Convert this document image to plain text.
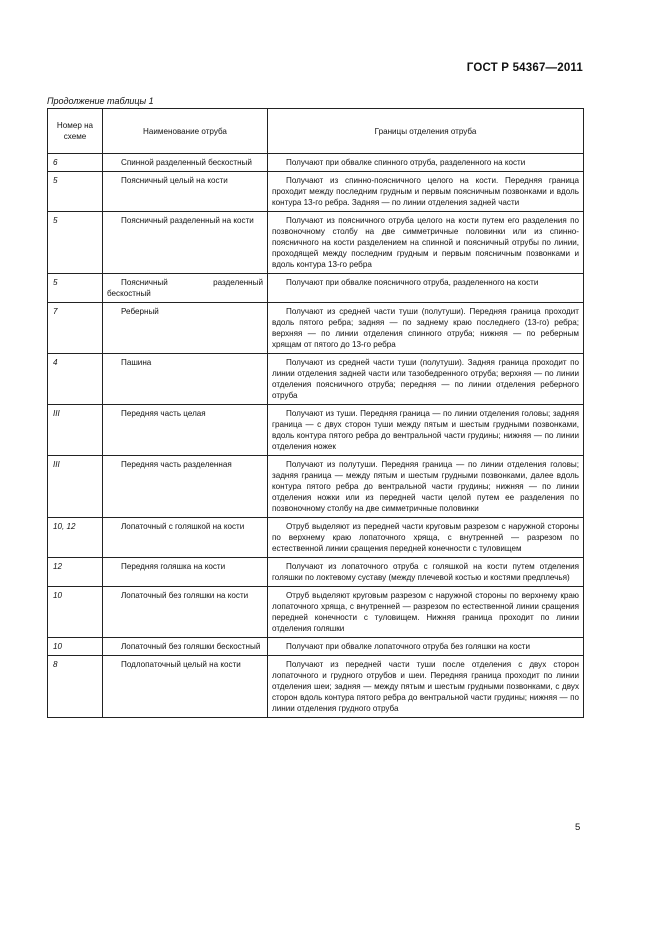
ГОСТ Р 54367—2011
Продолжение таблицы 1
Номер на схеме	Наименование отруба	Границы отделения отруба
6	Спинной разделенный бескостный	Получают при обвалке спинного отруба, разделенного на кости
5	Поясничный целый на кости	Получают из спинно-поясничного целого на кости. Передняя граница проходит между последним грудным и первым поясничным позвонками и вдоль контура 13-го ребра. Задняя — по линии отделения задней части
5	Поясничный разделенный на кости	Получают из поясничного отруба целого на кости путем его разделения по позвоночному столбу на две симметричные половинки или из спинно-поясничного на кости разделением на спинной и поясничный отрубы по линии, проходящей между последним грудным и первым поясничным позвонками и вдоль контура 13-го ребра
5	Поясничный разделенный бескостный	Получают при обвалке поясничного отруба, разделенного на кости
7	Реберный	Получают из средней части туши (полутуши). Передняя граница проходит вдоль пятого ребра; задняя — по заднему краю последнего (13-го) ребра; верхняя — по линии отделения спинного отруба; нижняя — по реберным хрящам от пятого до 13-го ребра
4	Пашина	Получают из средней части туши (полутуши). Задняя граница проходит по линии отделения задней части или тазобедренного отруба; верхняя — по линии отделения поясничного отруба; передняя — по линии отделения реберного отруба
III	Передняя часть целая	Получают из туши. Передняя граница — по линии отделения головы; задняя граница — с двух сторон туши между пятым и шестым грудными позвонками, вдоль контура пятого ребра до вентральной части грудины; нижняя — по линии отделения ножек
III	Передняя часть разделенная	Получают из полутуши. Передняя граница — по линии отделения головы; задняя граница — между пятым и шестым грудными позвонками, далее вдоль контура пятого ребра до вентральной части грудины; нижняя — по линии отделения ножки или из передней части целой путем ее разделения по позвоночному столбу на две симметричные половинки
10, 12	Лопаточный с голяшкой на кости	Отруб выделяют из передней части круговым разрезом с наружной стороны по верхнему краю лопаточного хряща, с внутренней — разрезом по естественной линии сращения передней конечности с туловищем
12	Передняя голяшка на кости	Получают из лопаточного отруба с голяшкой на кости путем отделения голяшки по локтевому суставу (между плечевой костью и костями предплечья)
10	Лопаточный без голяшки на кости	Отруб выделяют круговым разрезом с наружной стороны по верхнему краю лопаточного хряща, с внутренней — разрезом по естественной линии сращения передней конечности с туловищем. Нижняя граница проходит по линии отделения голяшки
10	Лопаточный без голяшки бескостный	Получают при обвалке лопаточного отруба без голяшки на кости
8	Подлопаточный целый на кости	Получают из передней части туши после отделения с двух сторон лопаточного и грудного отрубов и шеи. Передняя граница проходит по линии отделения шеи; задняя — между пятым и шестым грудными позвонками, с двух сторон вдоль контура пятого ребра до вентральной части грудины; нижняя — по линии отделения грудного отруба
5
